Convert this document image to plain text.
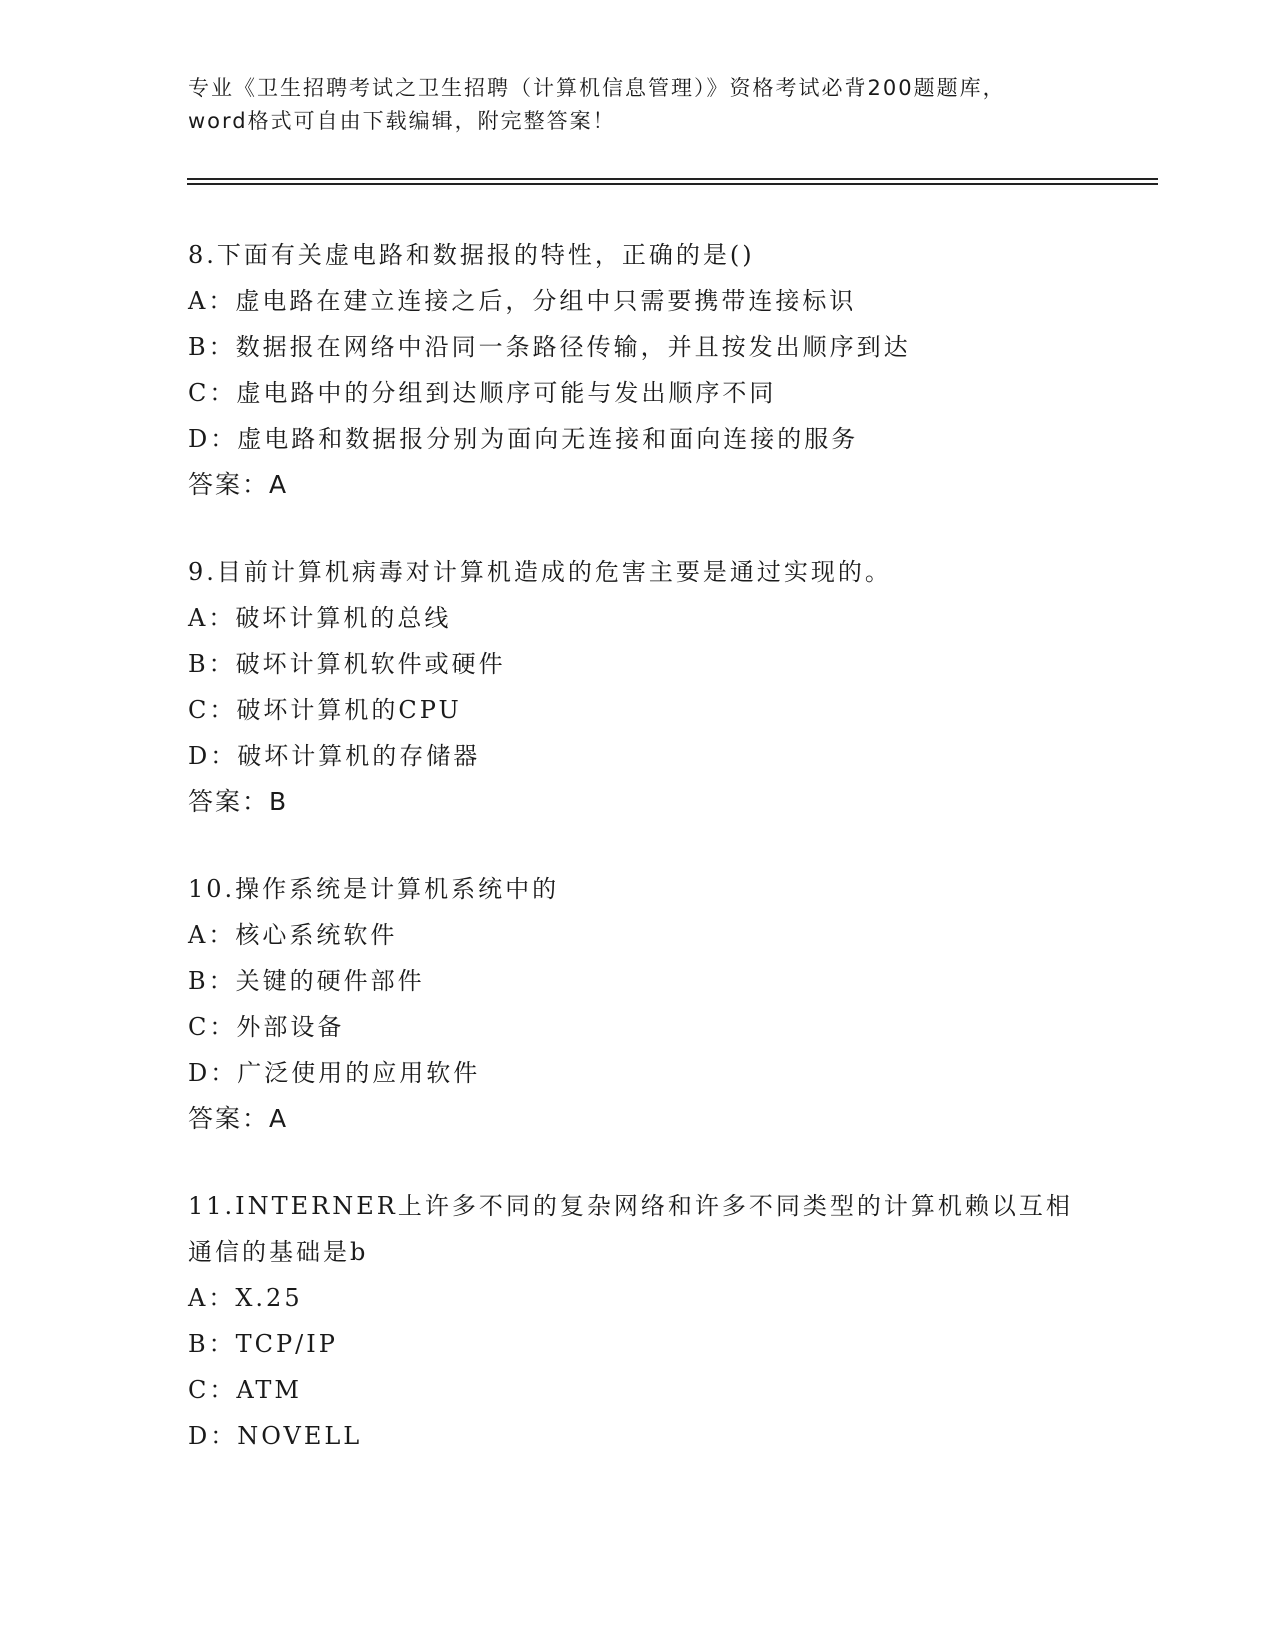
专业《卫生招聘考试之卫生招聘（计算机信息管理）》资格考试必背200题题库，
word格式可自由下载编辑，附完整答案！
8.下面有关虚电路和数据报的特性，正确的是()
A：虚电路在建立连接之后，分组中只需要携带连接标识
B：数据报在网络中沿同一条路径传输，并且按发出顺序到达
C：虚电路中的分组到达顺序可能与发出顺序不同
D：虚电路和数据报分别为面向无连接和面向连接的服务
答案：A
9.目前计算机病毒对计算机造成的危害主要是通过实现的。
A：破坏计算机的总线
B：破坏计算机软件或硬件
C：破坏计算机的CPU
D：破坏计算机的存储器
答案：B
10.操作系统是计算机系统中的
A：核心系统软件
B：关键的硬件部件
C：外部设备
D：广泛使用的应用软件
答案：A
11.INTERNER上许多不同的复杂网络和许多不同类型的计算机赖以互相
通信的基础是b
A：X.25
B：TCP/IP
C：ATM
D：NOVELL
